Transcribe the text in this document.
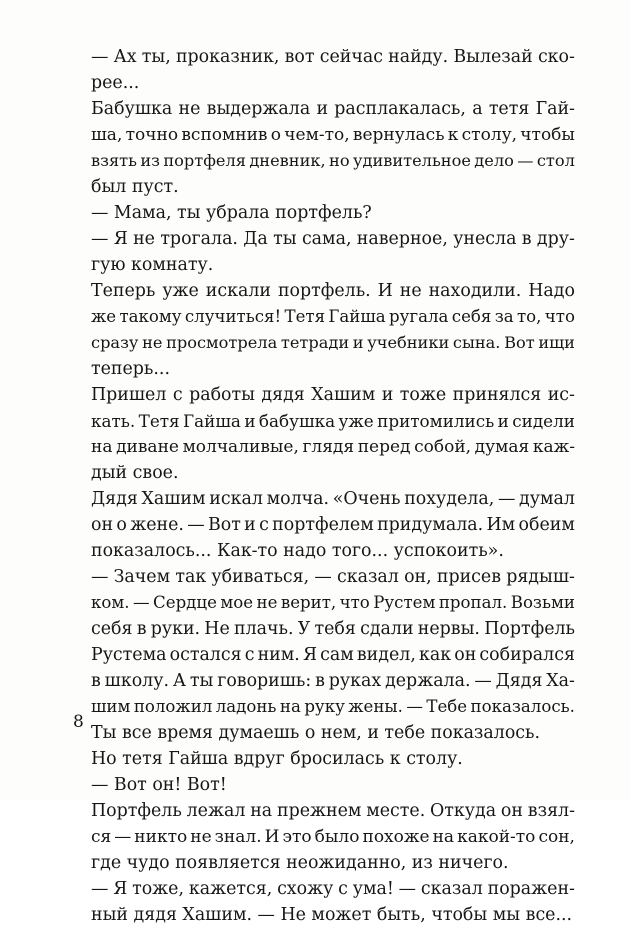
— Ах ты, проказник, вот сейчас найду. Вылезай ско-
рее...
Бабушка не выдержала и расплакалась, а тетя Гай-
ша, точно вспомнив о чем-то, вернулась к столу, чтобы
взять из портфеля дневник, но удивительное дело — стол
был пуст.
— Мама, ты убрала портфель?
— Я не трогала. Да ты сама, наверное, унесла в дру-
гую комнату.
Теперь уже искали портфель. И не находили. Надо
же такому случиться! Тетя Гайша ругала себя за то, что
сразу не просмотрела тетради и учебники сына. Вот ищи
теперь...
Пришел с работы дядя Хашим и тоже принялся ис-
кать. Тетя Гайша и бабушка уже притомились и сидели
на диване молчаливые, глядя перед собой, думая каж-
дый свое.
Дядя Хашим искал молча. «Очень похудела, — думал
он о жене. — Вот и с портфелем придумала. Им обеим
показалось... Как-то надо того... успокоить».
— Зачем так убиваться, — сказал он, присев рядыш-
ком. — Сердце мое не верит, что Рустем пропал. Возьми
себя в руки. Не плачь. У тебя сдали нервы. Портфель
Рустема остался с ним. Я сам видел, как он собирался
в школу. А ты говоришь: в руках держала. — Дядя Ха-
шим положил ладонь на руку жены. — Тебе показалось.
Ты все время думаешь о нем, и тебе показалось.
Но тетя Гайша вдруг бросилась к столу.
— Вот он! Вот!
Портфель лежал на прежнем месте. Откуда он взял-
ся — никто не знал. И это было похоже на какой-то сон,
где чудо появляется неожиданно, из ничего.
— Я тоже, кажется, схожу с ума! — сказал поражен-
ный дядя Хашим. — Не может быть, чтобы мы все...
8
